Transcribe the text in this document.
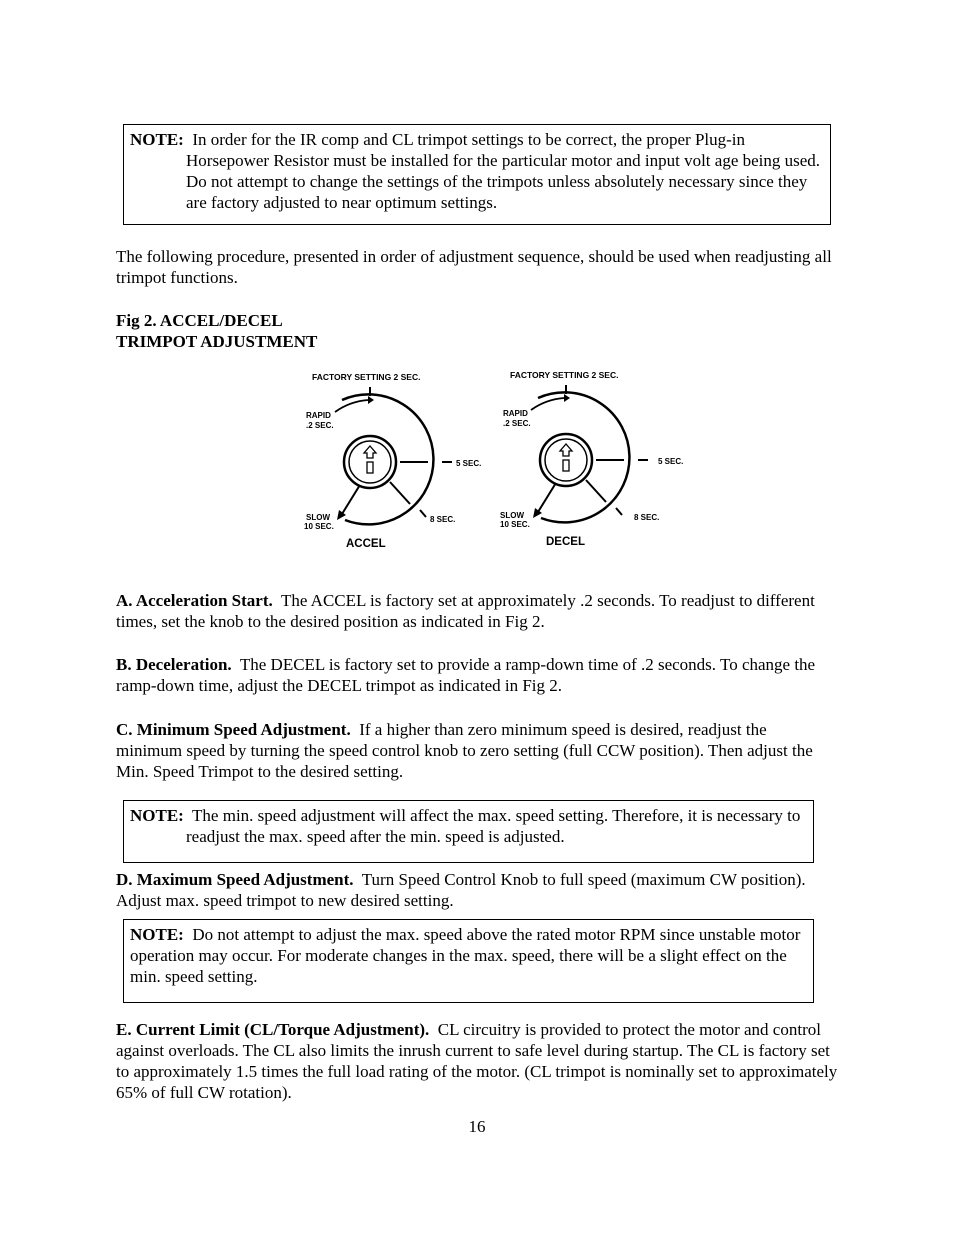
NOTE: In order for the IR comp and CL trimpot settings to be correct, the proper Plug-in Horsepower Resistor must be installed for the particular motor and input volt age being used. Do not attempt to change the settings of the trimpots unless absolutely necessary since they are factory adjusted to near optimum settings.

The following procedure, presented in order of adjustment sequence, should be used when readjusting all trimpot functions.

Fig 2. ACCEL/DECEL
TRIMPOT ADJUSTMENT
FACTORY SETTING 2 SEC.
RAPID
.2 SEC.
5 SEC.
8 SEC.
SLOW
10 SEC.
ACCEL
FACTORY SETTING 2 SEC.
RAPID
.2 SEC.
5 SEC.
8 SEC.
SLOW
10 SEC.
DECEL

A. Acceleration Start. The ACCEL is factory set at approximately .2 seconds. To readjust to different times, set the knob to the desired position as indicated in Fig 2.

B. Deceleration. The DECEL is factory set to provide a ramp-down time of .2 seconds. To change the ramp-down time, adjust the DECEL trimpot as indicated in Fig 2.

C. Minimum Speed Adjustment. If a higher than zero minimum speed is desired, readjust the minimum speed by turning the speed control knob to zero setting (full CCW position). Then adjust the Min. Speed Trimpot to the desired setting.

NOTE: The min. speed adjustment will affect the max. speed setting. Therefore, it is necessary to readjust the max. speed after the min. speed is adjusted.

D. Maximum Speed Adjustment. Turn Speed Control Knob to full speed (maximum CW position). Adjust max. speed trimpot to new desired setting.

NOTE: Do not attempt to adjust the max. speed above the rated motor RPM since unstable motor operation may occur. For moderate changes in the max. speed, there will be a slight effect on the min. speed setting.

E. Current Limit (CL/Torque Adjustment). CL circuitry is provided to protect the motor and control against overloads. The CL also limits the inrush current to safe level during startup. The CL is factory set to approximately 1.5 times the full load rating of the motor. (CL trimpot is nominally set to approximately 65% of full CW rotation).

16
